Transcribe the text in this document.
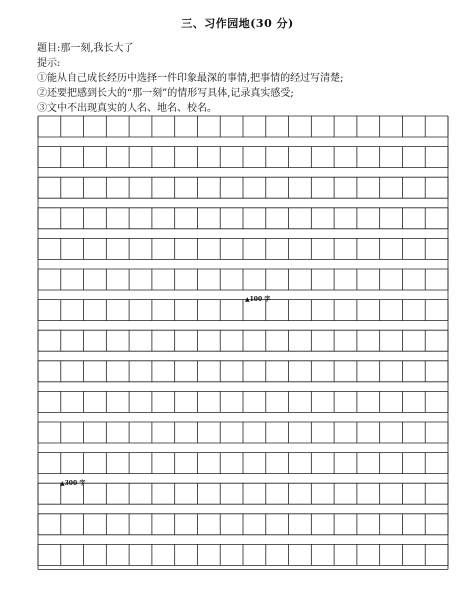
三、习作园地(30 分)
题目:那一刻,我长大了
提示:
①能从自己成长经历中选择一件印象最深的事情,把事情的经过写清楚;
②还要把感到长大的“那一刻”的情形写具体,记录真实感受;
③文中不出现真实的人名、地名、校名。
▲100 字
▲300 字
